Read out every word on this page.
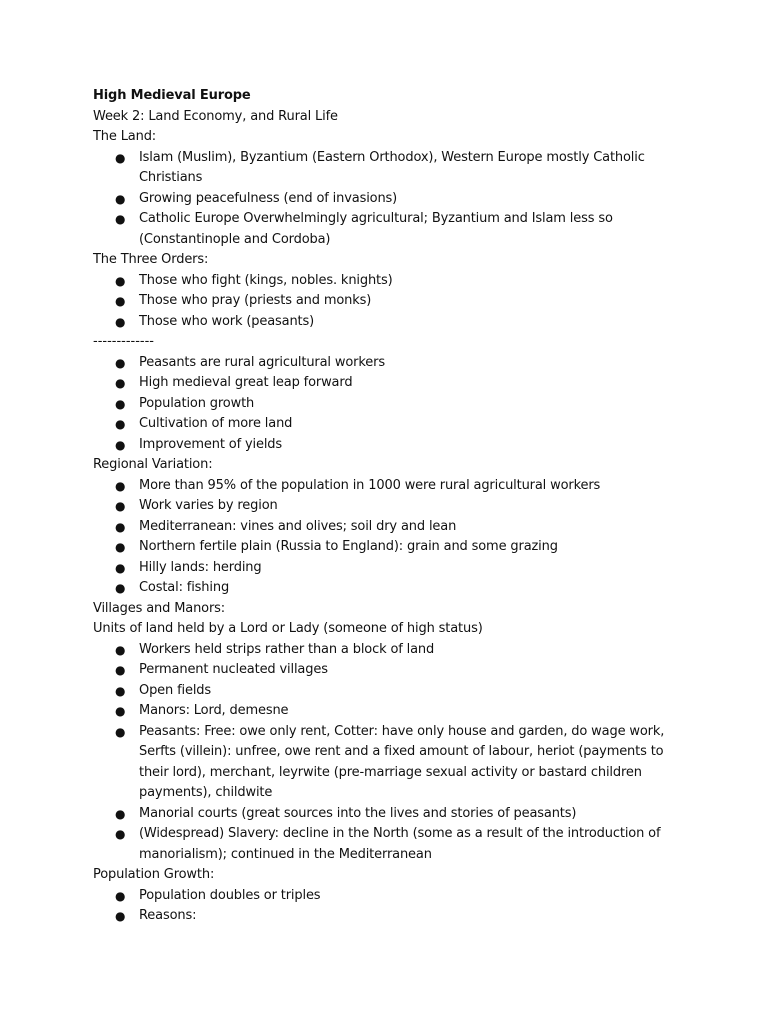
High Medieval Europe
Week 2: Land Economy, and Rural Life
The Land:
● Islam (Muslim), Byzantium (Eastern Orthodox), Western Europe mostly Catholic
Christians
● Growing peacefulness (end of invasions)
● Catholic Europe Overwhelmingly agricultural; Byzantium and Islam less so
(Constantinople and Cordoba)
The Three Orders:
● Those who fight (kings, nobles. knights)
● Those who pray (priests and monks)
● Those who work (peasants)
-------------
● Peasants are rural agricultural workers
● High medieval great leap forward
● Population growth
● Cultivation of more land
● Improvement of yields
Regional Variation:
● More than 95% of the population in 1000 were rural agricultural workers
● Work varies by region
● Mediterranean: vines and olives; soil dry and lean
● Northern fertile plain (Russia to England): grain and some grazing
● Hilly lands: herding
● Costal: fishing
Villages and Manors:
Units of land held by a Lord or Lady (someone of high status)
● Workers held strips rather than a block of land
● Permanent nucleated villages
● Open fields
● Manors: Lord, demesne
● Peasants: Free: owe only rent, Cotter: have only house and garden, do wage work,
Serfts (villein): unfree, owe rent and a fixed amount of labour, heriot (payments to
their lord), merchant, leyrwite (pre-marriage sexual activity or bastard children
payments), childwite
● Manorial courts (great sources into the lives and stories of peasants)
● (Widespread) Slavery: decline in the North (some as a result of the introduction of
manorialism); continued in the Mediterranean
Population Growth:
● Population doubles or triples
● Reasons:
